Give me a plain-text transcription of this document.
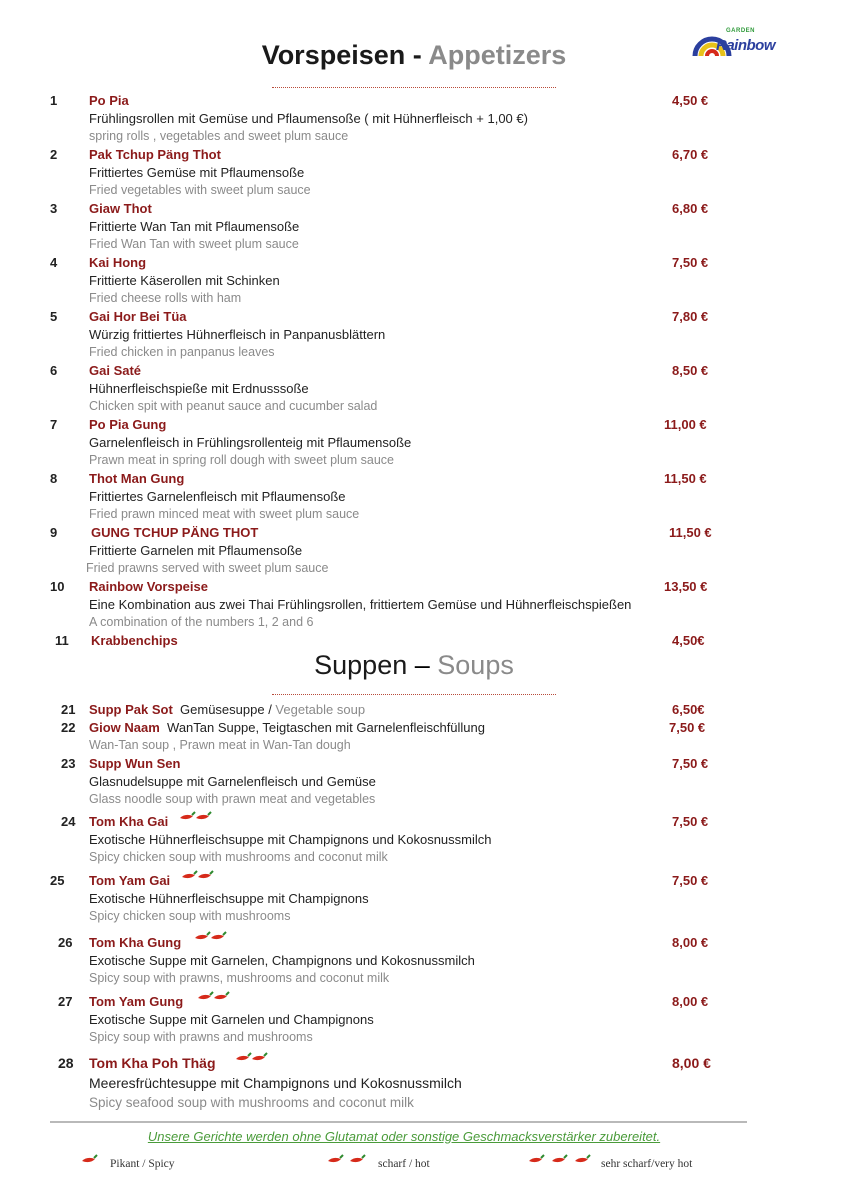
GARDEN
Rainbow
Vorspeisen - Appetizers
1 Po Pia	4,50 €
Frühlingsrollen mit Gemüse und Pflaumensoße ( mit Hühnerfleisch + 1,00 €)
spring rolls , vegetables and sweet plum sauce
2 Pak Tchup Päng Thot	6,70 €
Frittiertes Gemüse mit Pflaumensoße
Fried vegetables with sweet plum sauce
3 Giaw Thot	6,80 €
Frittierte Wan Tan mit Pflaumensoße
Fried Wan Tan with sweet plum sauce
4 Kai Hong	7,50 €
Frittierte Käserollen mit Schinken
Fried cheese rolls with ham
5 Gai Hor Bei Tüa	7,80 €
Würzig frittiertes Hühnerfleisch in Panpanusblättern
Fried chicken in panpanus leaves
6 Gai Saté	8,50 €
Hühnerfleischspieße mit Erdnusssoße
Chicken spit with peanut sauce and cucumber salad
7 Po Pia Gung	11,00 €
Garnelenfleisch in Frühlingsrollenteig mit Pflaumensoße
Prawn meat in spring roll dough with sweet plum sauce
8 Thot Man Gung	11,50 €
Frittiertes Garnelenfleisch mit Pflaumensoße
Fried prawn minced meat with sweet plum sauce
9	GUNG TCHUP PÄNG THOT	11,50 €
Frittierte Garnelen mit Pflaumensoße
Fried prawns served with sweet plum sauce
10 Rainbow Vorspeise	13,50 €
Eine Kombination aus zwei Thai Frühlingsrollen, frittiertem Gemüse und Hühnerfleischspießen
A combination of the numbers 1, 2 and 6
11 Krabbenchips	4,50€
Suppen – Soups
21 Supp Pak Sot Gemüsesuppe / Vegetable soup	6,50€
22 Giow Naam WanTan Suppe, Teigtaschen mit Garnelenfleischfüllung	7,50 €
Wan-Tan soup , Prawn meat in Wan-Tan dough
23 Supp Wun Sen	7,50 €
Glasnudelsuppe mit Garnelenfleisch und Gemüse
Glass noodle soup with prawn meat and vegetables
24 Tom Kha Gai	7,50 €
Exotische Hühnerfleischsuppe mit Champignons und Kokosnussmilch
Spicy chicken soup with mushrooms and coconut milk
25 Tom Yam Gai	7,50 €
Exotische Hühnerfleischsuppe mit Champignons
Spicy chicken soup with mushrooms
26 Tom Kha Gung	8,00 €
Exotische Suppe mit Garnelen, Champignons und Kokosnussmilch
Spicy soup with prawns, mushrooms and coconut milk
27 Tom Yam Gung	8,00 €
Exotische Suppe mit Garnelen und Champignons
Spicy soup with prawns and mushrooms
28 Tom Kha Poh Thäg	8,00 €
Meeresfrüchtesuppe mit Champignons und Kokosnussmilch
Spicy seafood soup with mushrooms and coconut milk
Unsere Gerichte werden ohne Glutamat oder sonstige Geschmacksverstärker zubereitet.
Pikant / Spicy	scharf / hot	sehr scharf/very hot
